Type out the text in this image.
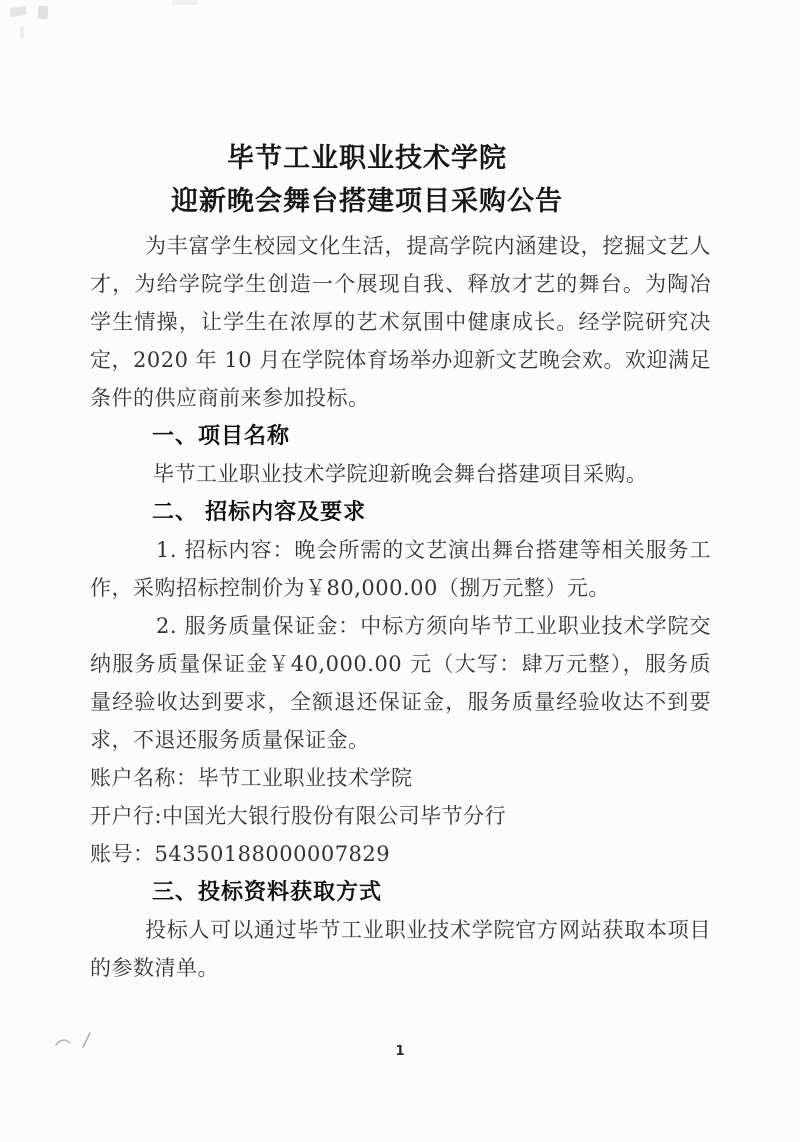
毕节工业职业技术学院
迎新晚会舞台搭建项目采购公告

为丰富学生校园文化生活，提高学院内涵建设，挖掘文艺人才，为给学院学生创造一个展现自我、释放才艺的舞台。为陶冶学生情操，让学生在浓厚的艺术氛围中健康成长。经学院研究决定，2020 年 10 月在学院体育场举办迎新文艺晚会欢。欢迎满足条件的供应商前来参加投标。

一、项目名称

毕节工业职业技术学院迎新晚会舞台搭建项目采购。

二、 招标内容及要求

1. 招标内容：晚会所需的文艺演出舞台搭建等相关服务工作，采购招标控制价为￥80,000.00（捌万元整）元。

2. 服务质量保证金：中标方须向毕节工业职业技术学院交纳服务质量保证金￥40,000.00 元（大写：肆万元整），服务质量经验收达到要求，全额退还保证金，服务质量经验收达不到要求，不退还服务质量保证金。

账户名称：毕节工业职业技术学院

开户行:中国光大银行股份有限公司毕节分行

账号：54350188000007829

三、投标资料获取方式

投标人可以通过毕节工业职业技术学院官方网站获取本项目的参数清单。

1
